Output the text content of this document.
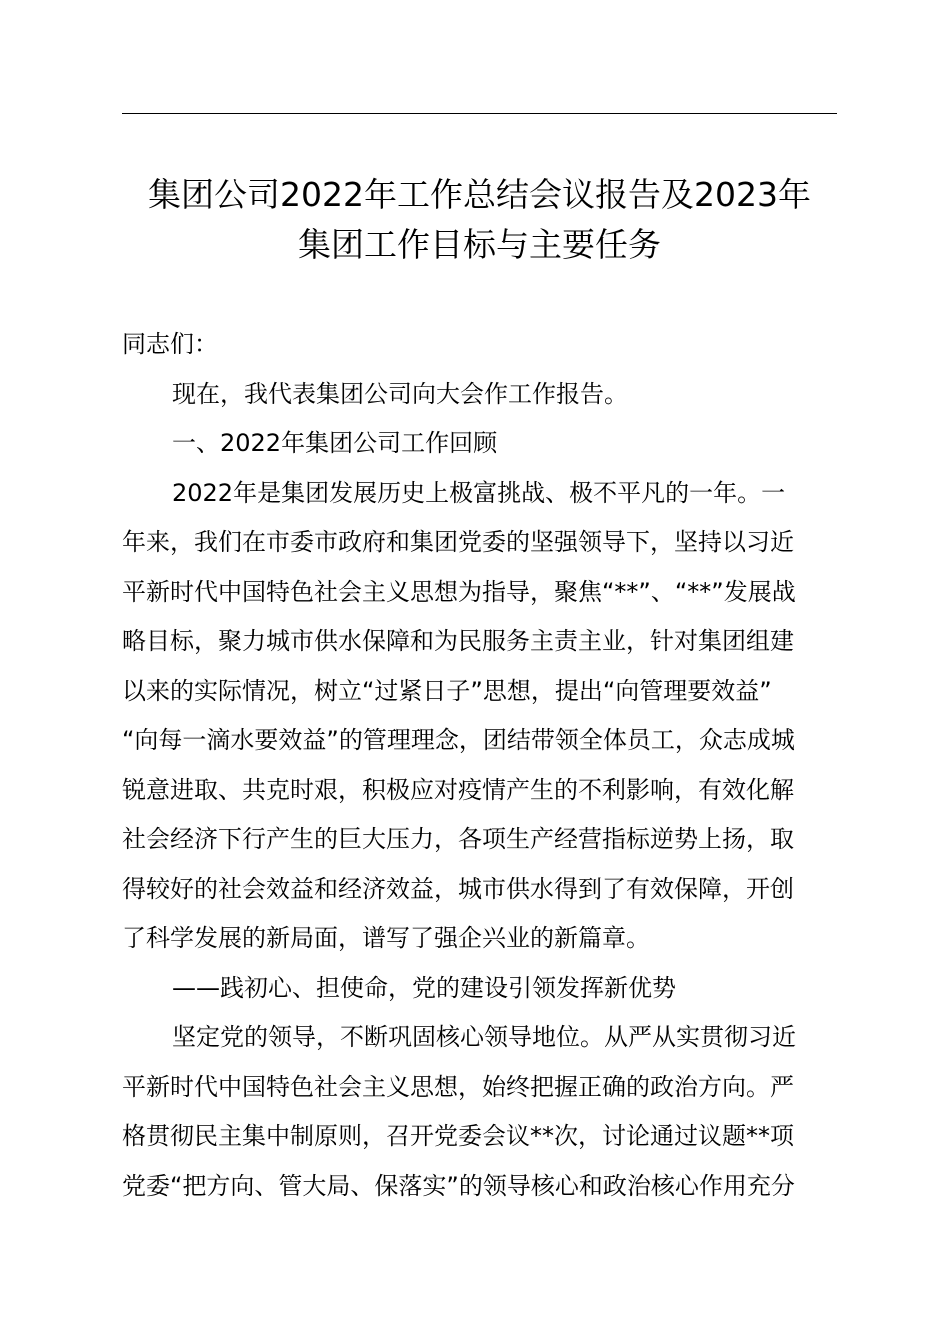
集团公司2022年工作总结会议报告及2023年
集团工作目标与主要任务

同志们：

现在，我代表集团公司向大会作工作报告。

一、2022年集团公司工作回顾

2022年是集团发展历史上极富挑战、极不平凡的一年。一

年来，我们在市委市政府和集团党委的坚强领导下，坚持以习近

平新时代中国特色社会主义思想为指导，聚焦“**”、“**”发展战

略目标，聚力城市供水保障和为民服务主责主业，针对集团组建

以来的实际情况，树立“过紧日子”思想，提出“向管理要效益”

“向每一滴水要效益”的管理理念，团结带领全体员工，众志成城

锐意进取、共克时艰，积极应对疫情产生的不利影响，有效化解

社会经济下行产生的巨大压力，各项生产经营指标逆势上扬，取

得较好的社会效益和经济效益，城市供水得到了有效保障，开创

了科学发展的新局面，谱写了强企兴业的新篇章。

——践初心、担使命，党的建设引领发挥新优势

坚定党的领导，不断巩固核心领导地位。从严从实贯彻习近

平新时代中国特色社会主义思想，始终把握正确的政治方向。严

格贯彻民主集中制原则，召开党委会议**次，讨论通过议题**项

党委“把方向、管大局、保落实”的领导核心和政治核心作用充分
